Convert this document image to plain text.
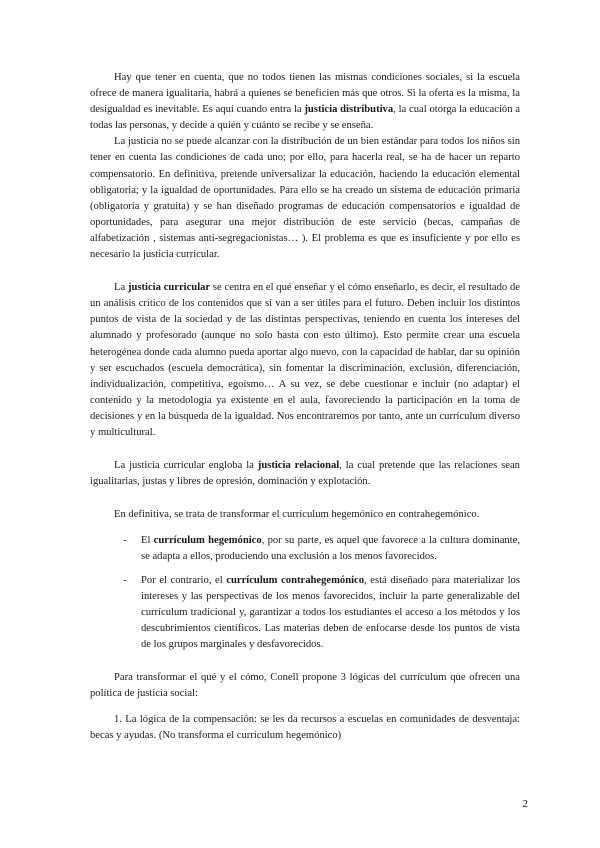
Hay que tener en cuenta, que no todos tienen las mismas condiciones sociales, si la escuela ofrece de manera igualitaria, habrá a quienes se beneficien más que otros. Si la oferta es la misma, la desigualdad es inevitable. Es aquí cuando entra la justicia distributiva, la cual otorga la educación a todas las personas, y decide a quién y cuánto se recibe y se enseña.

La justicia no se puede alcanzar con la distribución de un bien estándar para todos los niños sin tener en cuenta las condiciones de cada uno; por ello, para hacerla real, se ha de hacer un reparto compensatorio. En definitiva, pretende universalizar la educación, haciendo la educación elemental obligatoria; y la igualdad de oportunidades. Para ello se ha creado un sistema de educación primaria (obligatoria y gratuita) y se han diseñado programas de educación compensatorios e igualdad de oportunidades, para asegurar una mejor distribución de este servicio (becas, campañas de alfabetización , sistemas anti-segregacionistas… ). El problema es que es insuficiente y por ello es necesario la justicia curricular.

La justicia curricular se centra en el qué enseñar y el cómo enseñarlo, es decir, el resultado de un análisis crítico de los contenidos que sí van a ser útiles para el futuro. Deben incluir los distintos puntos de vista de la sociedad y de las distintas perspectivas, teniendo en cuenta los intereses del alumnado y profesorado (aunque no solo basta con esto último). Esto permite crear una escuela heterogénea donde cada alumno pueda aportar algo nuevo, con la capacidad de hablar, dar su opinión y ser escuchados (escuela democrática), sin fomentar la discriminación, exclusión, diferenciación, individualización, competitiva, egoísmo… A su vez, se debe cuestionar e incluir (no adaptar) el contenido y la metodología ya existente en el aula, favoreciendo la participación en la toma de decisiones y en la búsqueda de la igualdad. Nos encontraremos por tanto, ante un currículum diverso y multicultural.

La justicia curricular engloba la justicia relacional, la cual pretende que las relaciones sean igualitarias, justas y libres de opresión, dominación y explotación.

En definitiva, se trata de transformar el currículum hegemónico en contrahegemónico.

- El currículum hegemónico, por su parte, es aquel que favorece a la cultura dominante, se adapta a ellos, produciendo una exclusión a los menos favorecidos.
- Por el contrario, el currículum contrahegemónico, está diseñado para materializar los intereses y las perspectivas de los menos favorecidos, incluir la parte generalizable del currículum tradicional y, garantizar a todos los estudiantes el acceso a los métodos y los descubrimientos científicos. Las materias deben de enfocarse desde los puntos de vista de los grupos marginales y desfavorecidos.

Para transformar el qué y el cómo, Conell propone 3 lógicas del currículum que ofrecen una política de justicia social:

1. La lógica de la compensación: se les da recursos a escuelas en comunidades de desventaja: becas y ayudas. (No transforma el currículum hegemónico)

2
